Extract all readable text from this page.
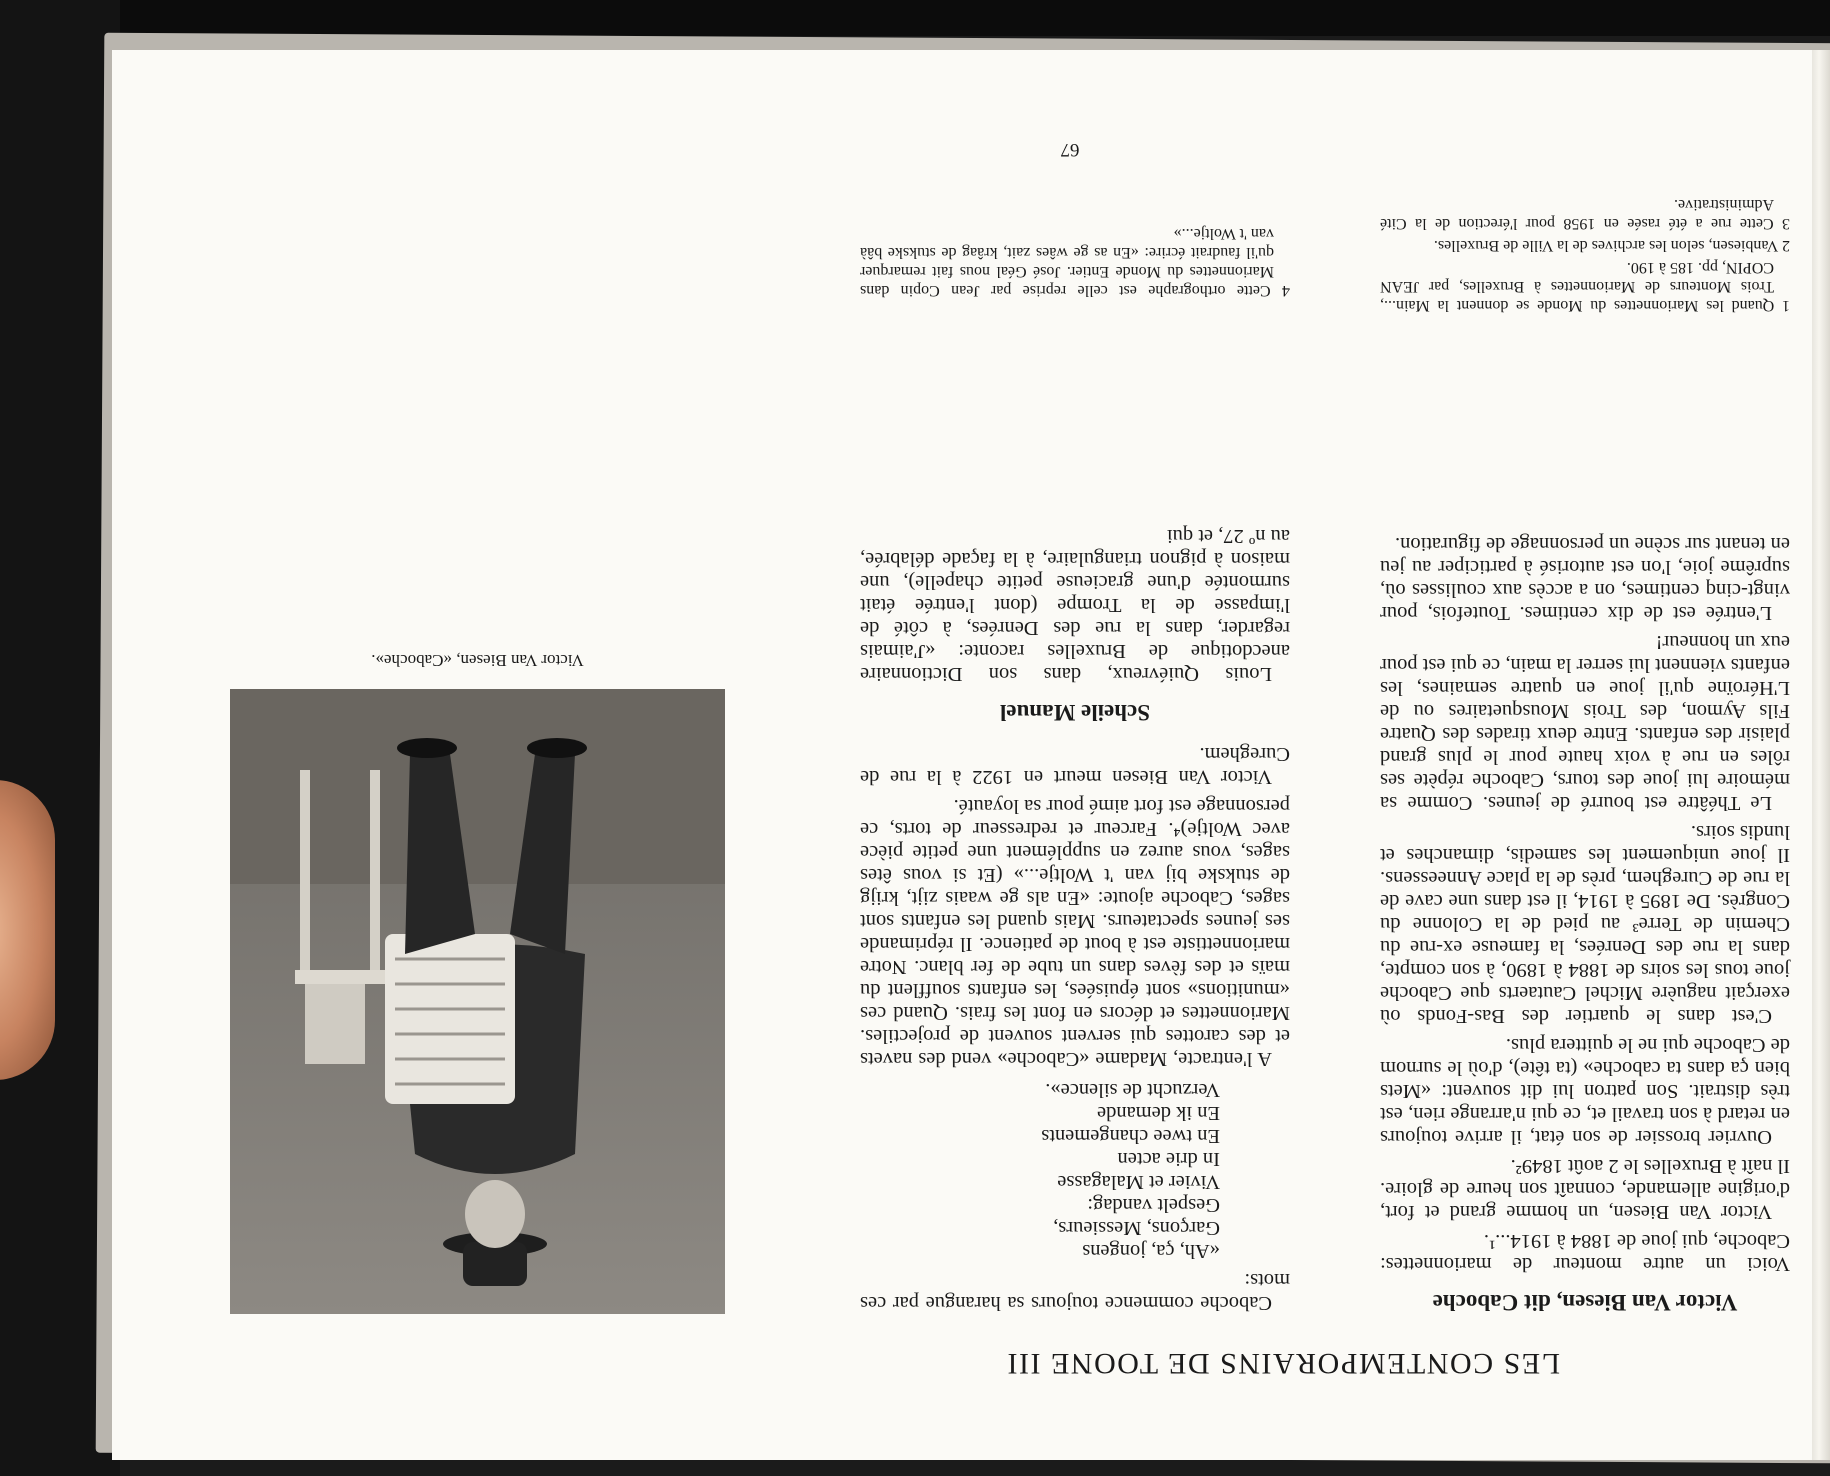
LES CONTEMPORAINS DE TOONE III
Victor Van Biesen, dit Caboche

Voici un autre monteur de marionnettes: Caboche, qui joue de 1884 à 1914...¹.

Victor Van Biesen, un homme grand et fort, d'origine allemande, connaît son heure de gloire. Il naît à Bruxelles le 2 août 1849².

Ouvrier brossier de son état, il arrive toujours en retard à son travail et, ce qui n'arrange rien, est très distrait. Son patron lui dit souvent: «Mets bien ça dans ta caboche» (ta tête), d'où le surnom de Caboche qui ne le quittera plus.

C'est dans le quartier des Bas-Fonds où exerçait naguère Michel Cautaerts que Caboche joue tous les soirs de 1884 à 1890, à son compte, dans la rue des Denrées, la fameuse ex-rue du Chemin de Terre³ au pied de la Colonne du Congrès. De 1895 à 1914, il est dans une cave de la rue de Cureghem, près de la place Anneessens. Il joue uniquement les samedis, dimanches et lundis soirs.

Le Théâtre est bourré de jeunes. Comme sa mémoire lui joue des tours, Caboche répète ses rôles en rue à voix haute pour le plus grand plaisir des enfants. Entre deux tirades des Quatre Fils Aymon, des Trois Mousquetaires ou de L'Héroïne qu'il joue en quatre semaines, les enfants viennent lui serrer la main, ce qui est pour eux un honneur!

L'entrée est de dix centimes. Toutefois, pour vingt-cinq centimes, on a accès aux coulisses où, suprême joie, l'on est autorisé à participer au jeu en tenant sur scène un personnage de figuration.

Caboche commence toujours sa harangue par ces mots:

«Ah, ça, jongens
Garçons, Messieurs,
Gespelt vandag:
Vivier et Malagasse
In drie acten
En twee changements
En ik demande
Verzucht de silence».

A l'entracte, Madame «Caboche» vend des navets et des carottes qui servent souvent de projectiles. Marionnettes et décors en font les frais. Quand ces «munitions» sont épuisées, les enfants soufflent du maïs et des fèves dans un tube de fer blanc. Notre marionnettiste est à bout de patience. Il réprimande ses jeunes spectateurs. Mais quand les enfants sont sages, Caboche ajoute: «En als ge waais zijt, krijg de stukske bij van 't Woltje...» (Et si vous êtes sages, vous aurez en supplément une petite pièce avec Woltje)⁴. Farceur et redresseur de torts, ce personnage est fort aimé pour sa loyauté.

Victor Van Biesen meurt en 1922 à la rue de Cureghem.

Scheile Manuel

Louis Quiévreux, dans son Dictionnaire anecdotique de Bruxelles raconte: «J'aimais regarder, dans la rue des Denrées, à côté de l'impasse de la Trompe (dont l'entrée était surmontée d'une gracieuse petite chapelle), une maison à pignon triangulaire, à la façade délabrée, au nº 27, et qui

1 Quand les Marionnettes du Monde se donnent la Main..., Trois Monteurs de Marionnettes à Bruxelles, par JEAN COPIN, pp. 185 à 190.

2 Vanbiesen, selon les archives de la Ville de Bruxelles.

3 Cette rue a été rasée en 1958 pour l'érection de la Cité Administrative.

4 Cette orthographe est celle reprise par Jean Copin dans Marionnettes du Monde Entier. José Géal nous fait remarquer qu'il faudrait écrire: «En as ge wâes zait, krâag de stukske bâà van 't Woltje...»

Victor Van Biesen, «Caboche».
67
